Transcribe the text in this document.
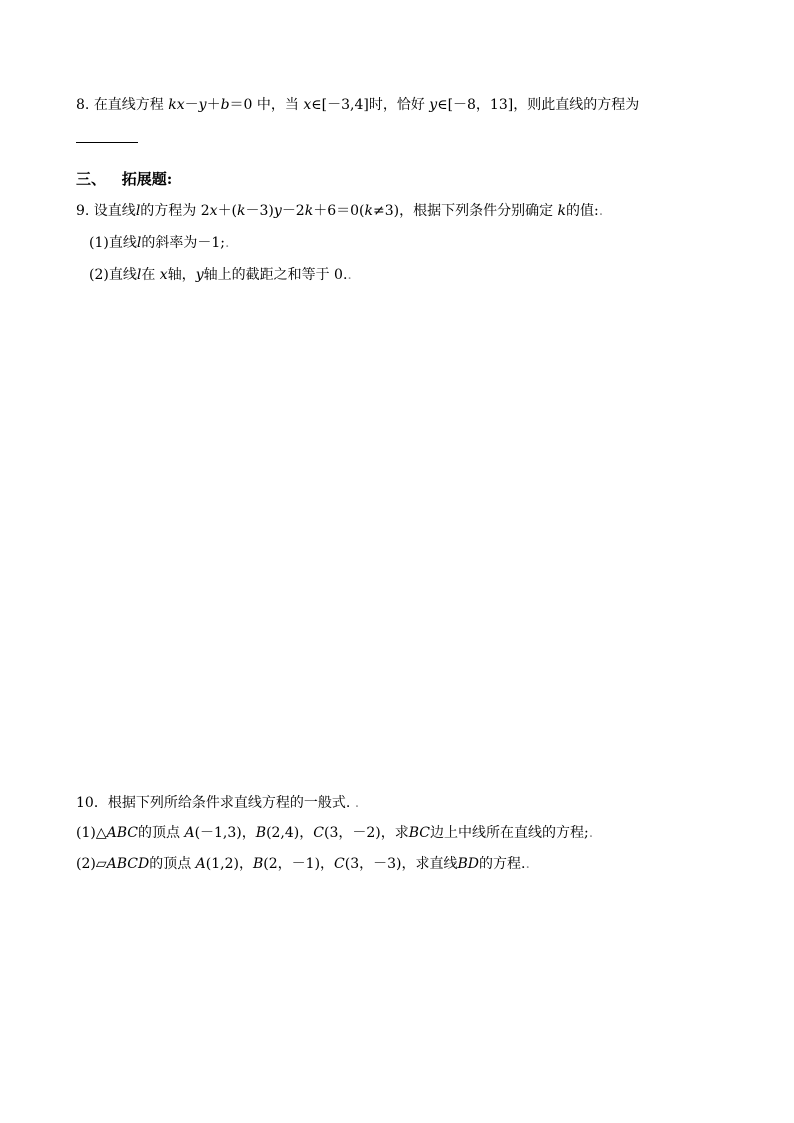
8. 在直线方程 kx－y＋b＝0 中，当 x∈[－3,4]时，恰好 y∈[－8，13]，则此直线的方程为
三、 拓展题:
9. 设直线l的方程为 2x＋(k－3)y－2k＋6＝0(k≠3)，根据下列条件分别确定 k的值:.
(1)直线l的斜率为－1;.
(2)直线l在 x轴，y轴上的截距之和等于 0..
10．根据下列所给条件求直线方程的一般式. .
(1)△ABC的顶点 A(－1,3)，B(2,4)，C(3，－2)，求BC边上中线所在直线的方程;.
(2)▱ABCD的顶点 A(1,2)，B(2，－1)，C(3，－3)，求直线BD的方程..
